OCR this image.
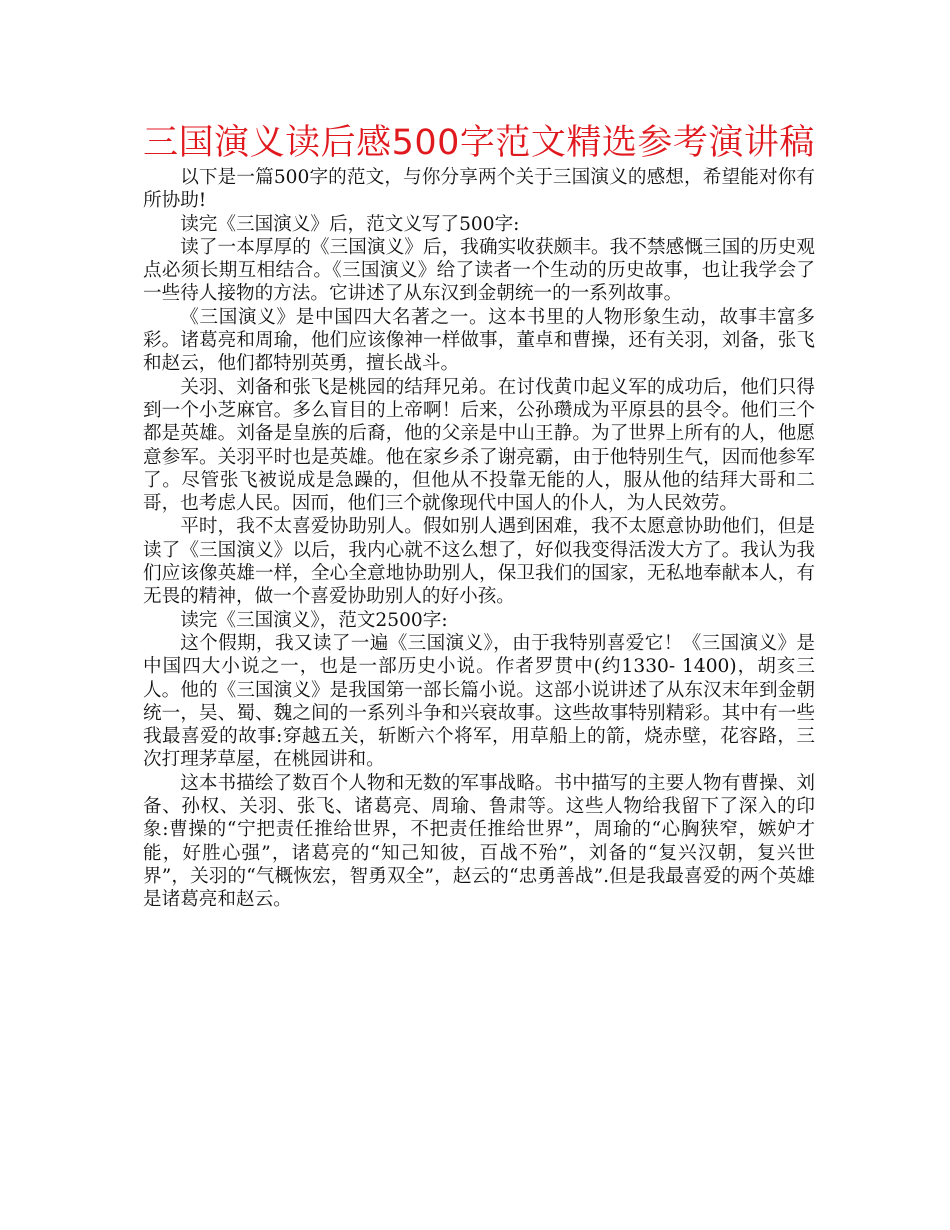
三国演义读后感500字范文精选参考演讲稿

以下是一篇500字的范文，与你分享两个关于三国演义的感想，希望能对你有所协助!

读完《三国演义》后，范文义写了500字:

读了一本厚厚的《三国演义》后，我确实收获颇丰。我不禁感慨三国的历史观点必须长期互相结合。《三国演义》给了读者一个生动的历史故事，也让我学会了一些待人接物的方法。它讲述了从东汉到金朝统一的一系列故事。

《三国演义》是中国四大名著之一。这本书里的人物形象生动，故事丰富多彩。诸葛亮和周瑜，他们应该像神一样做事，董卓和曹操，还有关羽，刘备，张飞和赵云，他们都特别英勇，擅长战斗。

关羽、刘备和张飞是桃园的结拜兄弟。在讨伐黄巾起义军的成功后，他们只得到一个小芝麻官。多么盲目的上帝啊！后来，公孙瓒成为平原县的县令。他们三个都是英雄。刘备是皇族的后裔，他的父亲是中山王静。为了世界上所有的人，他愿意参军。关羽平时也是英雄。他在家乡杀了谢亮霸，由于他特别生气，因而他参军了。尽管张飞被说成是急躁的，但他从不投靠无能的人，服从他的结拜大哥和二哥，也考虑人民。因而，他们三个就像现代中国人的仆人，为人民效劳。

平时，我不太喜爱协助别人。假如别人遇到困难，我不太愿意协助他们，但是读了《三国演义》以后，我内心就不这么想了，好似我变得活泼大方了。我认为我们应该像英雄一样，全心全意地协助别人，保卫我们的国家，无私地奉献本人，有无畏的精神，做一个喜爱协助别人的好小孩。

读完《三国演义》，范文2500字:

这个假期，我又读了一遍《三国演义》，由于我特别喜爱它！《三国演义》是中国四大小说之一，也是一部历史小说。作者罗贯中(约1330- 1400)，胡亥三人。他的《三国演义》是我国第一部长篇小说。这部小说讲述了从东汉末年到金朝统一，吴、蜀、魏之间的一系列斗争和兴衰故事。这些故事特别精彩。其中有一些我最喜爱的故事:穿越五关，斩断六个将军，用草船上的箭，烧赤壁，花容路，三次打理茅草屋，在桃园讲和。

这本书描绘了数百个人物和无数的军事战略。书中描写的主要人物有曹操、刘备、孙权、关羽、张飞、诸葛亮、周瑜、鲁肃等。这些人物给我留下了深入的印象:曹操的“宁把责任推给世界，不把责任推给世界”，周瑜的“心胸狭窄，嫉妒才能，好胜心强”，诸葛亮的“知己知彼，百战不殆”，刘备的“复兴汉朝，复兴世界”，关羽的“气概恢宏，智勇双全”，赵云的“忠勇善战”.但是我最喜爱的两个英雄是诸葛亮和赵云。
